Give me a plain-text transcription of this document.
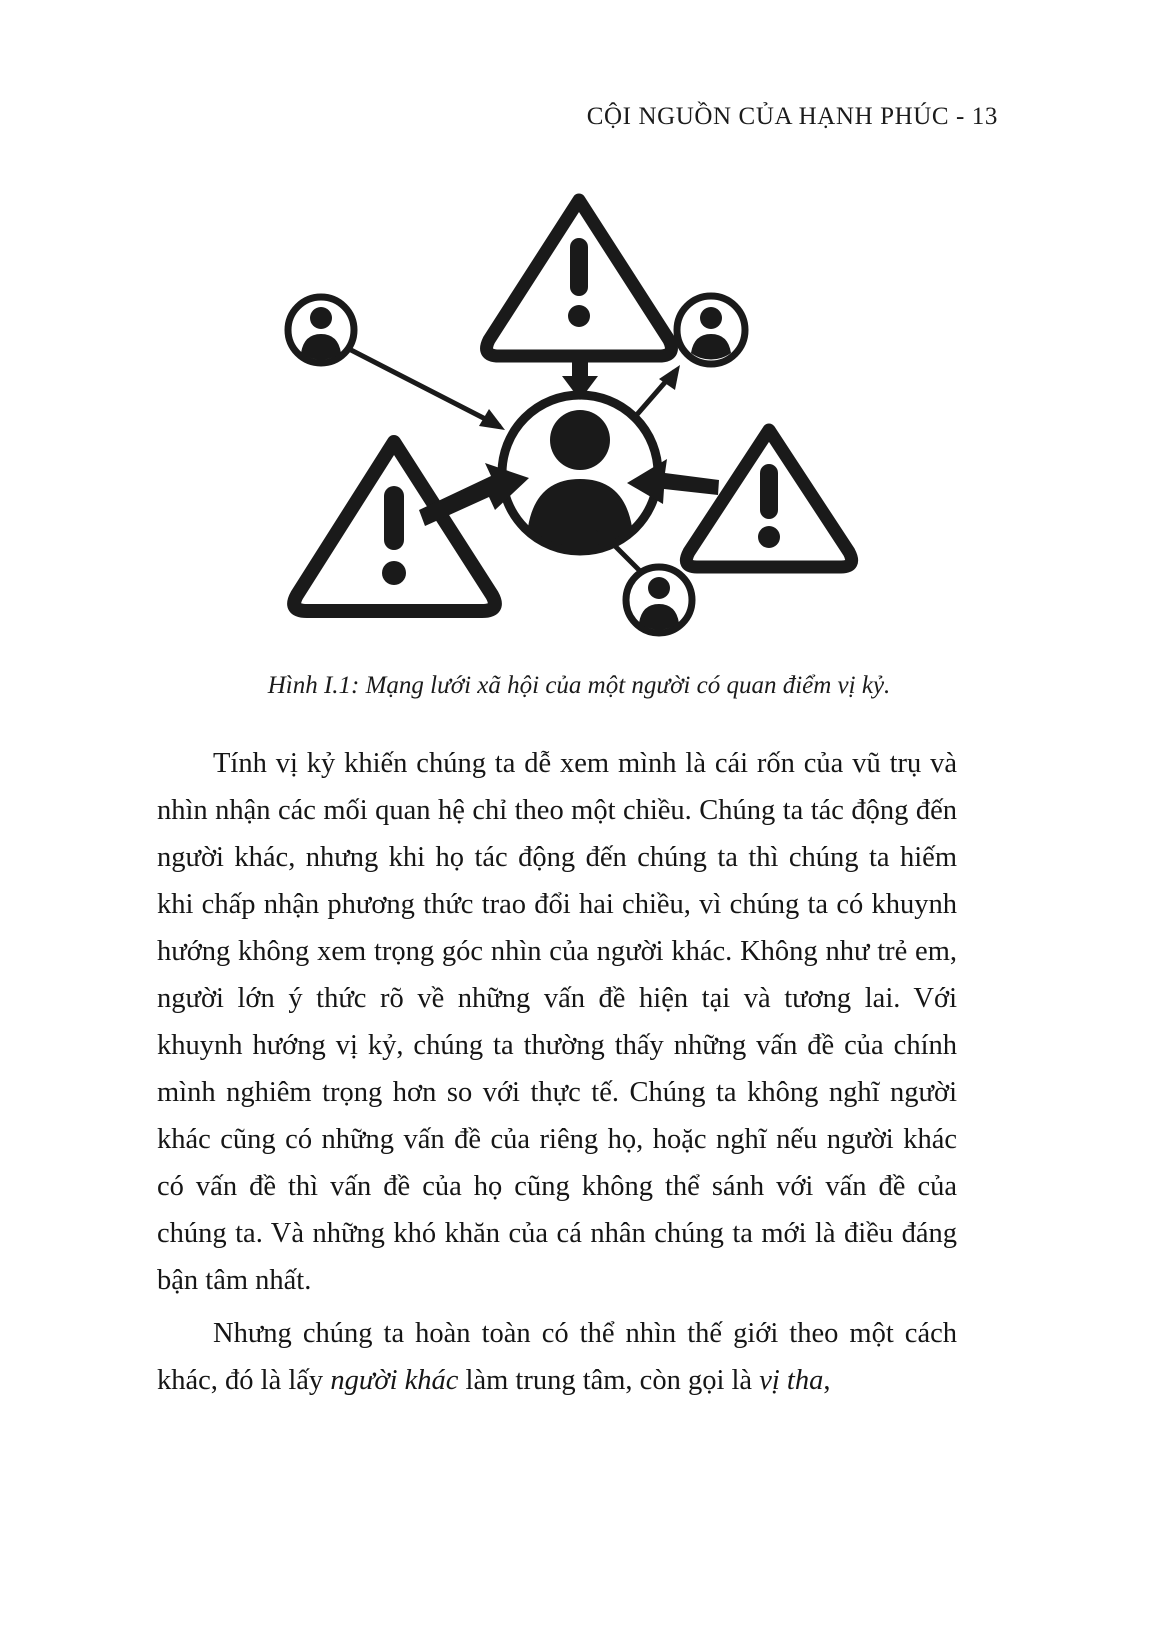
CỘI NGUỒN CỦA HẠNH PHÚC - 13
Hình I.1: Mạng lưới xã hội của một người có quan điểm vị kỷ.

Tính vị kỷ khiến chúng ta dễ xem mình là cái rốn của vũ trụ và nhìn nhận các mối quan hệ chỉ theo một chiều. Chúng ta tác động đến người khác, nhưng khi họ tác động đến chúng ta thì chúng ta hiếm khi chấp nhận phương thức trao đổi hai chiều, vì chúng ta có khuynh hướng không xem trọng góc nhìn của người khác. Không như trẻ em, người lớn ý thức rõ về những vấn đề hiện tại và tương lai. Với khuynh hướng vị kỷ, chúng ta thường thấy những vấn đề của chính mình nghiêm trọng hơn so với thực tế. Chúng ta không nghĩ người khác cũng có những vấn đề của riêng họ, hoặc nghĩ nếu người khác có vấn đề thì vấn đề của họ cũng không thể sánh với vấn đề của chúng ta. Và những khó khăn của cá nhân chúng ta mới là điều đáng bận tâm nhất.

Nhưng chúng ta hoàn toàn có thể nhìn thế giới theo một cách khác, đó là lấy người khác làm trung tâm, còn gọi là vị tha,
